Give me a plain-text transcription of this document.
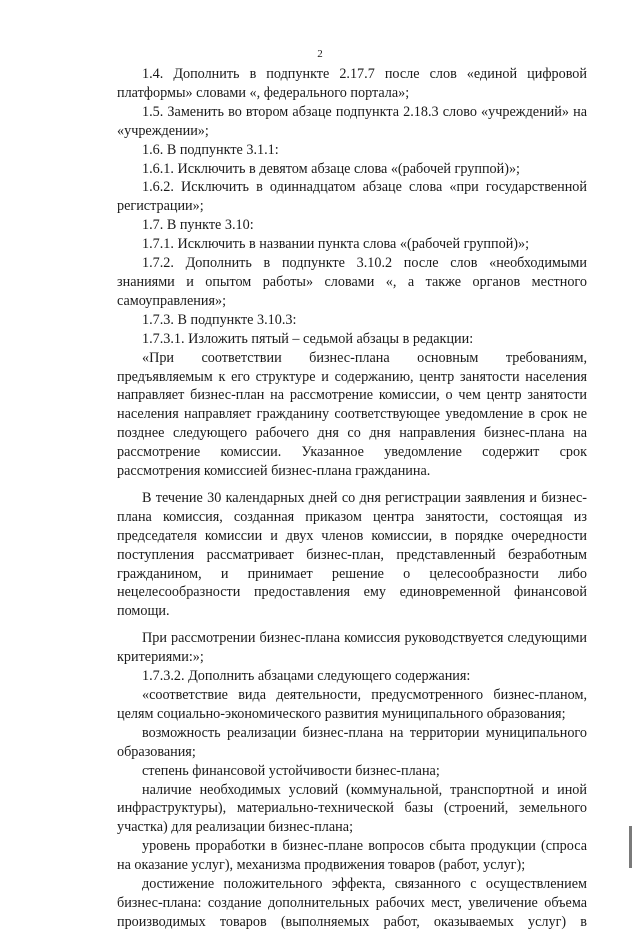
2

1.4. Дополнить в подпункте 2.17.7 после слов «единой цифровой платформы» словами «, федерального портала»;

1.5. Заменить во втором абзаце подпункта 2.18.3 слово «учреждений» на «учреждении»;

1.6. В подпункте 3.1.1:

1.6.1. Исключить в девятом абзаце слова «(рабочей группой)»;

1.6.2. Исключить в одиннадцатом абзаце слова «при государственной регистрации»;

1.7. В пункте 3.10:

1.7.1. Исключить в названии пункта слова «(рабочей группой)»;

1.7.2. Дополнить в подпункте 3.10.2 после слов «необходимыми знаниями и опытом работы» словами «, а также органов местного самоуправления»;

1.7.3. В подпункте 3.10.3:

1.7.3.1. Изложить пятый – седьмой абзацы в редакции:

«При соответствии бизнес-плана основным требованиям, предъявляемым к его структуре и содержанию, центр занятости населения направляет бизнес-план на рассмотрение комиссии, о чем центр занятости населения направляет гражданину соответствующее уведомление в срок не позднее следующего рабочего дня со дня направления бизнес-плана на рассмотрение комиссии. Указанное уведомление содержит срок рассмотрения комиссией бизнес-плана гражданина.

В течение 30 календарных дней со дня регистрации заявления и бизнес-плана комиссия, созданная приказом центра занятости, состоящая из председателя комиссии и двух членов комиссии, в порядке очередности поступления рассматривает бизнес-план, представленный безработным гражданином, и принимает решение о целесообразности либо нецелесообразности предоставления ему единовременной финансовой помощи.

При рассмотрении бизнес-плана комиссия руководствуется следующими критериями:»;

1.7.3.2. Дополнить абзацами следующего содержания:

«соответствие вида деятельности, предусмотренного бизнес-планом, целям социально-экономического развития муниципального образования;

возможность реализации бизнес-плана на территории муниципального образования;

степень финансовой устойчивости бизнес-плана;

наличие необходимых условий (коммунальной, транспортной и иной инфраструктуры), материально-технической базы (строений, земельного участка) для реализации бизнес-плана;

уровень проработки в бизнес-плане вопросов сбыта продукции (спроса на оказание услуг), механизма продвижения товаров (работ, услуг);

достижение положительного эффекта, связанного с осуществлением бизнес-плана: создание дополнительных рабочих мест, увеличение объема производимых товаров (выполняемых работ, оказываемых услуг) в
